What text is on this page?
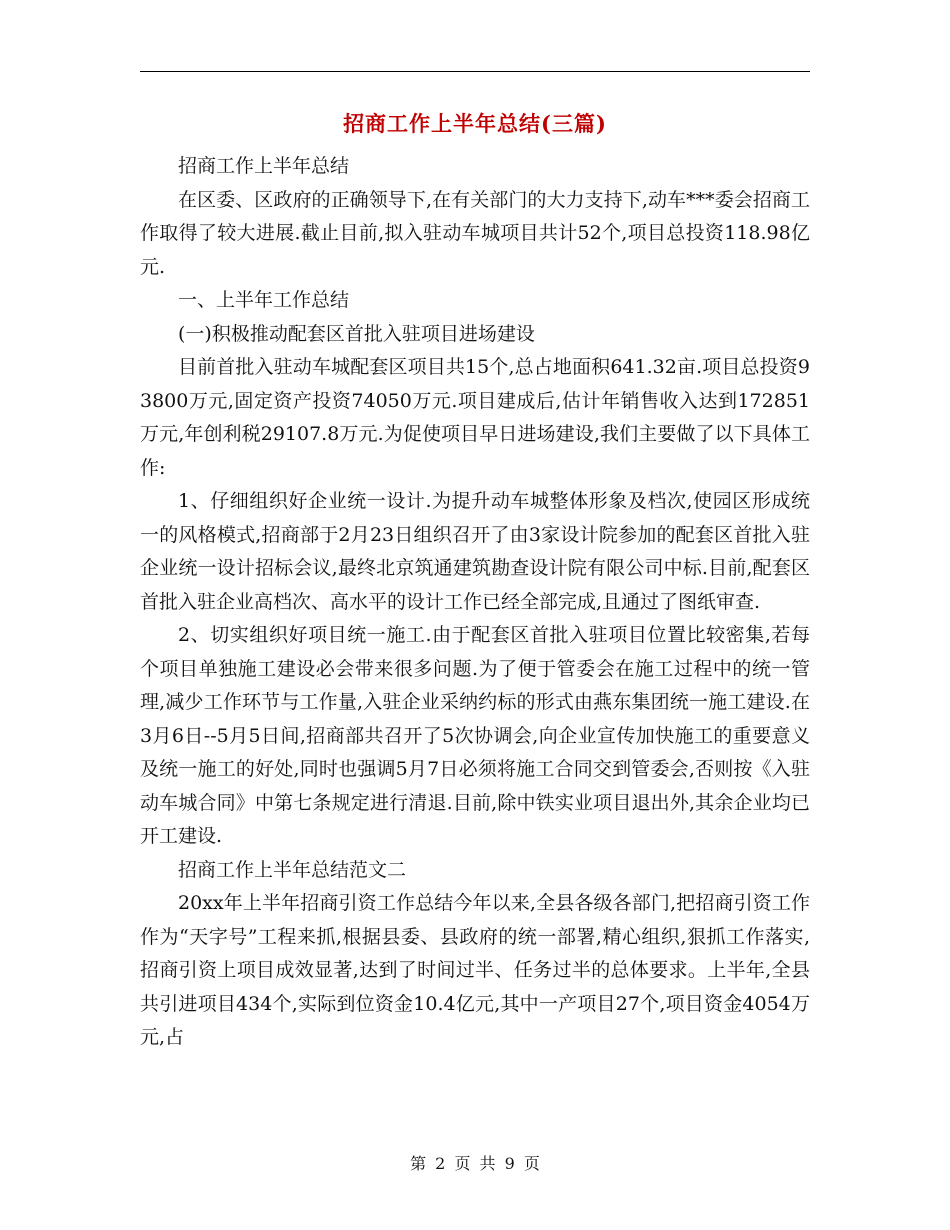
招商工作上半年总结(三篇)

招商工作上半年总结

在区委、区政府的正确领导下,在有关部门的大力支持下,动车***委会招商工作取得了较大进展.截止目前,拟入驻动车城项目共计52个,项目总投资118.98亿元.

一、上半年工作总结

(一)积极推动配套区首批入驻项目进场建设

目前首批入驻动车城配套区项目共15个,总占地面积641.32亩.项目总投资93800万元,固定资产投资74050万元.项目建成后,估计年销售收入达到172851万元,年创利税29107.8万元.为促使项目早日进场建设,我们主要做了以下具体工作:

1、仔细组织好企业统一设计.为提升动车城整体形象及档次,使园区形成统一的风格模式,招商部于2月23日组织召开了由3家设计院参加的配套区首批入驻企业统一设计招标会议,最终北京筑通建筑勘查设计院有限公司中标.目前,配套区首批入驻企业高档次、高水平的设计工作已经全部完成,且通过了图纸审查.

2、切实组织好项目统一施工.由于配套区首批入驻项目位置比较密集,若每个项目单独施工建设必会带来很多问题.为了便于管委会在施工过程中的统一管理,减少工作环节与工作量,入驻企业采纳约标的形式由燕东集团统一施工建设.在3月6日--5月5日间,招商部共召开了5次协调会,向企业宣传加快施工的重要意义及统一施工的好处,同时也强调5月7日必须将施工合同交到管委会,否则按《入驻动车城合同》中第七条规定进行清退.目前,除中铁实业项目退出外,其余企业均已开工建设.

招商工作上半年总结范文二

20xx年上半年招商引资工作总结今年以来,全县各级各部门,把招商引资工作作为“天字号”工程来抓,根据县委、县政府的统一部署,精心组织,狠抓工作落实,招商引资上项目成效显著,达到了时间过半、任务过半的总体要求。上半年,全县共引进项目434个,实际到位资金10.4亿元,其中一产项目27个,项目资金4054万元,占

第 2 页 共 9 页
